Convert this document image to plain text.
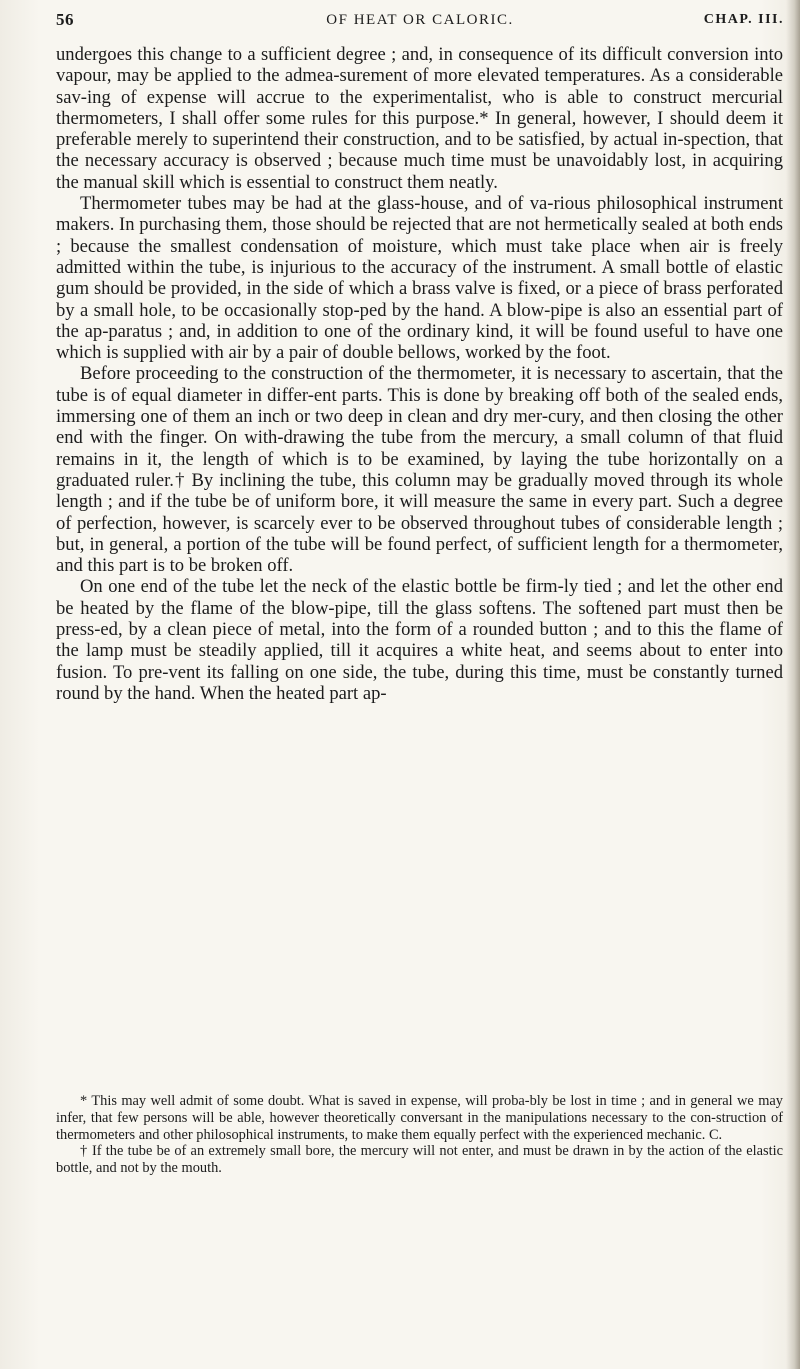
56	OF HEAT OR CALORIC.	CHAP. III.

undergoes this change to a sufficient degree ; and, in consequence of its difficult conversion into vapour, may be applied to the admea-surement of more elevated temperatures. As a considerable sav-ing of expense will accrue to the experimentalist, who is able to construct mercurial thermometers, I shall offer some rules for this purpose.* In general, however, I should deem it preferable merely to superintend their construction, and to be satisfied, by actual in-spection, that the necessary accuracy is observed ; because much time must be unavoidably lost, in acquiring the manual skill which is essential to construct them neatly.

Thermometer tubes may be had at the glass-house, and of va-rious philosophical instrument makers. In purchasing them, those should be rejected that are not hermetically sealed at both ends ; because the smallest condensation of moisture, which must take place when air is freely admitted within the tube, is injurious to the accuracy of the instrument. A small bottle of elastic gum should be provided, in the side of which a brass valve is fixed, or a piece of brass perforated by a small hole, to be occasionally stop-ped by the hand. A blow-pipe is also an essential part of the ap-paratus ; and, in addition to one of the ordinary kind, it will be found useful to have one which is supplied with air by a pair of double bellows, worked by the foot.

Before proceeding to the construction of the thermometer, it is necessary to ascertain, that the tube is of equal diameter in differ-ent parts. This is done by breaking off both of the sealed ends, immersing one of them an inch or two deep in clean and dry mer-cury, and then closing the other end with the finger. On with-drawing the tube from the mercury, a small column of that fluid remains in it, the length of which is to be examined, by laying the tube horizontally on a graduated ruler.† By inclining the tube, this column may be gradually moved through its whole length ; and if the tube be of uniform bore, it will measure the same in every part. Such a degree of perfection, however, is scarcely ever to be observed throughout tubes of considerable length ; but, in general, a portion of the tube will be found perfect, of sufficient length for a thermometer, and this part is to be broken off.

On one end of the tube let the neck of the elastic bottle be firm-ly tied ; and let the other end be heated by the flame of the blow-pipe, till the glass softens. The softened part must then be press-ed, by a clean piece of metal, into the form of a rounded button ; and to this the flame of the lamp must be steadily applied, till it acquires a white heat, and seems about to enter into fusion. To pre-vent its falling on one side, the tube, during this time, must be constantly turned round by the hand. When the heated part ap-

* This may well admit of some doubt. What is saved in expense, will proba-bly be lost in time ; and in general we may infer, that few persons will be able, however theoretically conversant in the manipulations necessary to the con-struction of thermometers and other philosophical instruments, to make them equally perfect with the experienced mechanic. C.

† If the tube be of an extremely small bore, the mercury will not enter, and must be drawn in by the action of the elastic bottle, and not by the mouth.
